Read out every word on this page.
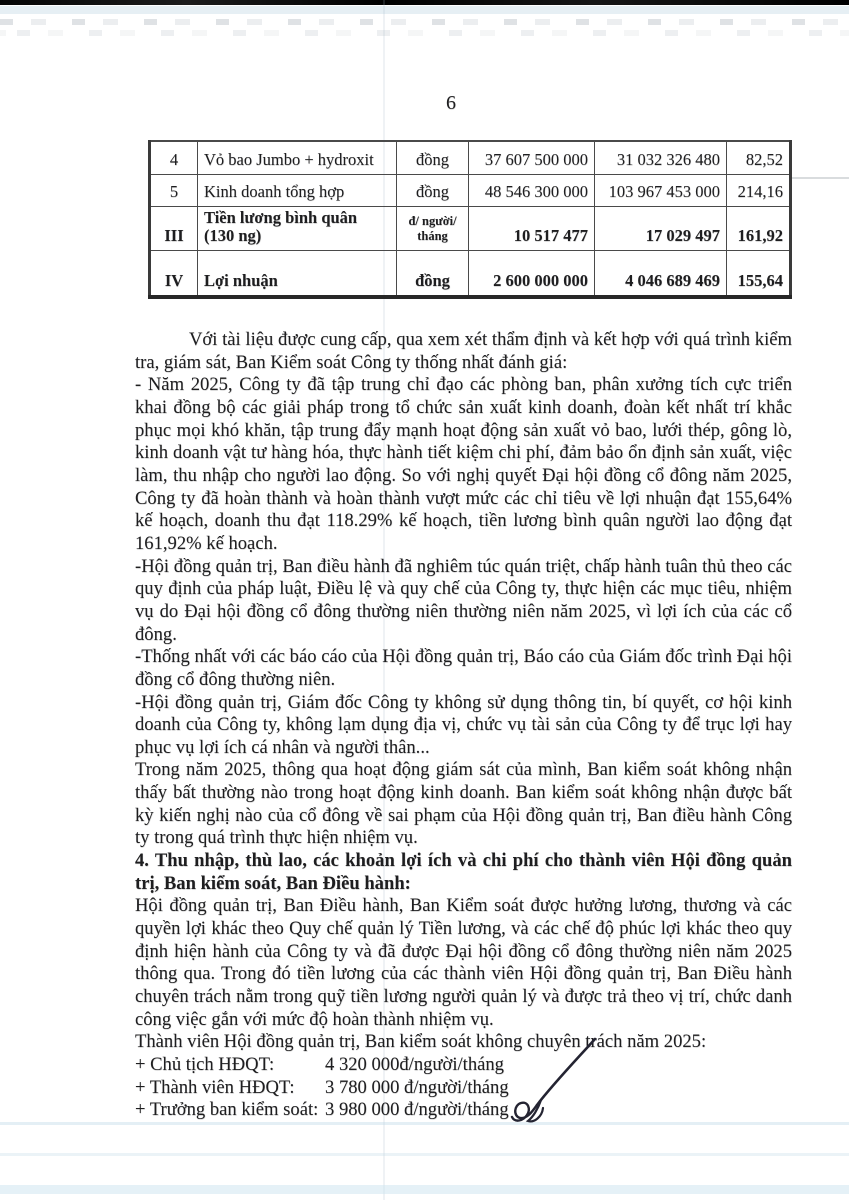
6
4	Vỏ bao Jumbo + hydroxit	đồng	37 607 500 000	31 032 326 480	82,52
5	Kinh doanh tổng hợp	đồng	48 546 300 000	103 967 453 000	214,16
III	Tiền lương bình quân (130 ng)	đ/ người/ tháng	10 517 477	17 029 497	161,92
IV	Lợi nhuận	đồng	2 600 000 000	4 046 689 469	155,64

Với tài liệu được cung cấp, qua xem xét thẩm định và kết hợp với quá trình kiểm tra, giám sát, Ban Kiểm soát Công ty thống nhất đánh giá:

- Năm 2025, Công ty đã tập trung chỉ đạo các phòng ban, phân xưởng tích cực triển khai đồng bộ các giải pháp trong tổ chức sản xuất kinh doanh, đoàn kết nhất trí khắc phục mọi khó khăn, tập trung đẩy mạnh hoạt động sản xuất vỏ bao, lưới thép, gông lò, kinh doanh vật tư hàng hóa, thực hành tiết kiệm chi phí, đảm bảo ổn định sản xuất, việc làm, thu nhập cho người lao động. So với nghị quyết Đại hội đồng cổ đông năm 2025, Công ty đã hoàn thành và hoàn thành vượt mức các chỉ tiêu về lợi nhuận đạt 155,64% kế hoạch, doanh thu đạt 118.29% kế hoạch, tiền lương bình quân người lao động đạt 161,92% kế hoạch.

-Hội đồng quản trị, Ban điều hành đã nghiêm túc quán triệt, chấp hành tuân thủ theo các quy định của pháp luật, Điều lệ và quy chế của Công ty, thực hiện các mục tiêu, nhiệm vụ do Đại hội đồng cổ đông thường niên thường niên năm 2025, vì lợi ích của các cổ đông.

-Thống nhất với các báo cáo của Hội đồng quản trị, Báo cáo của Giám đốc trình Đại hội đồng cổ đông thường niên.

-Hội đồng quản trị, Giám đốc Công ty không sử dụng thông tin, bí quyết, cơ hội kinh doanh của Công ty, không lạm dụng địa vị, chức vụ tài sản của Công ty để trục lợi hay phục vụ lợi ích cá nhân và người thân...

Trong năm 2025, thông qua hoạt động giám sát của mình, Ban kiểm soát không nhận thấy bất thường nào trong hoạt động kinh doanh. Ban kiểm soát không nhận được bất kỳ kiến nghị nào của cổ đông về sai phạm của Hội đồng quản trị, Ban điều hành Công ty trong quá trình thực hiện nhiệm vụ.

4. Thu nhập, thù lao, các khoản lợi ích và chi phí cho thành viên Hội đồng quản trị, Ban kiểm soát, Ban Điều hành:

Hội đồng quản trị, Ban Điều hành, Ban Kiểm soát được hưởng lương, thương và các quyền lợi khác theo Quy chế quản lý Tiền lương, và các chế độ phúc lợi khác theo quy định hiện hành của Công ty và đã được Đại hội đồng cổ đông thường niên năm 2025 thông qua. Trong đó tiền lương của các thành viên Hội đồng quản trị, Ban Điều hành chuyên trách nằm trong quỹ tiền lương người quản lý và được trả theo vị trí, chức danh công việc gắn với mức độ hoàn thành nhiệm vụ.

Thành viên Hội đồng quản trị, Ban kiểm soát không chuyên trách năm 2025:

+ Chủ tịch HĐQT:	4 320 000đ/người/tháng
+ Thành viên HĐQT:	3 780 000 đ/người/tháng
+ Trưởng ban kiểm soát: 3 980 000 đ/người/tháng
